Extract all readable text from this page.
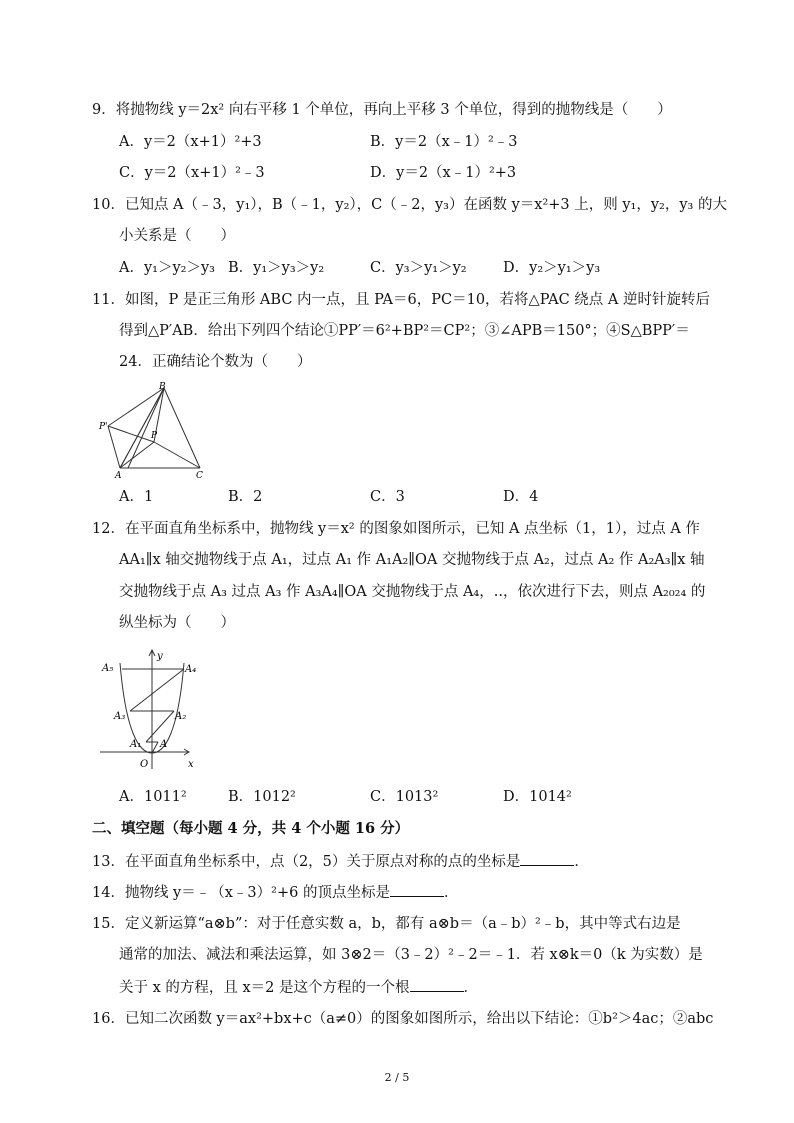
9．将抛物线 y＝2x² 向右平移 1 个单位，再向上平移 3 个单位，得到的抛物线是（　　）
A．y＝2（x+1）²+3	B．y＝2（x﹣1）²﹣3
C．y＝2（x+1）²﹣3	D．y＝2（x﹣1）²+3
10．已知点 A（﹣3，y₁），B（﹣1，y₂），C（﹣2，y₃）在函数 y＝x²+3 上，则 y₁，y₂，y₃ 的大
小关系是（　　）
A．y₁＞y₂＞y₃ B．y₁＞y₃＞y₂	C．y₃＞y₁＞y₂	D．y₂＞y₁＞y₃
11．如图，P 是正三角形 ABC 内一点，且 PA＝6，PC＝10，若将△PAC 绕点 A 逆时针旋转后
得到△P′AB．给出下列四个结论①PP′＝6²+BP²＝CP²；③∠APB＝150°；④S△BPP′＝
24．正确结论个数为（　　）
B
P'
P
A	C
A．1	B．2	C．3	D．4
12．在平面直角坐标系中，抛物线 y＝x² 的图象如图所示，已知 A 点坐标（1，1），过点 A 作
AA₁∥x 轴交抛物线于点 A₁，过点 A₁ 作 A₁A₂∥OA 交抛物线于点 A₂，过点 A₂ 作 A₂A₃∥x 轴
交抛物线于点 A₃ 过点 A₃ 作 A₃A₄∥OA 交抛物线于点 A₄，..，依次进行下去，则点 A₂₀₂₄ 的
纵坐标为（　　）
y
A₅	A₄
A₃	A₂
A₁ A
O	x
A．1011²	B．1012²	C．1013²	D．1014²
二、填空题（每小题 4 分，共 4 个小题 16 分）
13．在平面直角坐标系中，点（2，5）关于原点对称的点的坐标是	．
14．抛物线 y＝﹣（x﹣3）²+6 的顶点坐标是	．
15．定义新运算“a⊗b”：对于任意实数 a，b，都有 a⊗b＝（a﹣b）²﹣b，其中等式右边是
通常的加法、减法和乘法运算，如 3⊗2＝（3﹣2）²﹣2＝﹣1．若 x⊗k＝0（k 为实数）是
关于 x 的方程，且 x＝2 是这个方程的一个根	．
16．已知二次函数 y＝ax²+bx+c（a≠0）的图象如图所示，给出以下结论：①b²＞4ac；②abc
2 / 5
